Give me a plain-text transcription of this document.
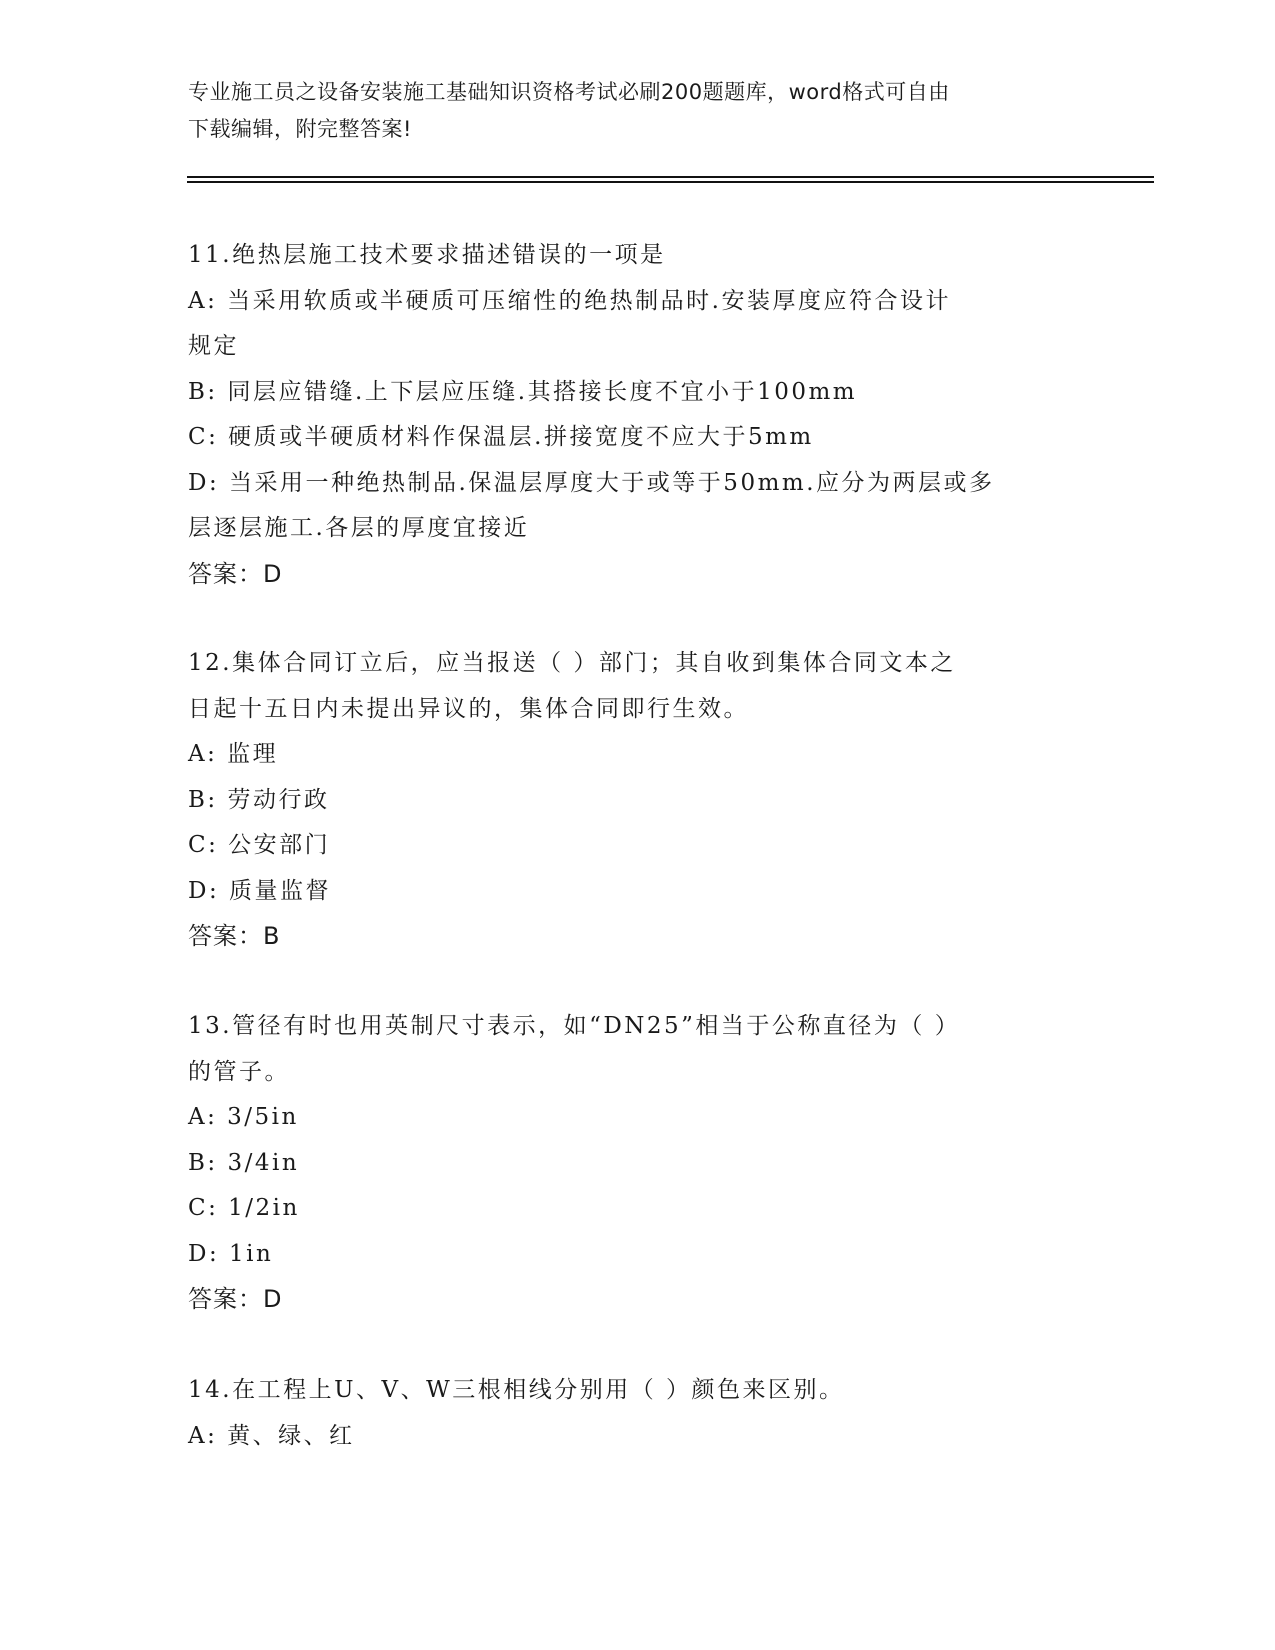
专业施工员之设备安装施工基础知识资格考试必刷200题题库，word格式可自由

下载编辑，附完整答案!

11.绝热层施工技术要求描述错误的一项是

A: 当采用软质或半硬质可压缩性的绝热制品时.安装厚度应符合设计

规定

B: 同层应错缝.上下层应压缝.其搭接长度不宜小于100mm

C: 硬质或半硬质材料作保温层.拼接宽度不应大于5mm

D: 当采用一种绝热制品.保温层厚度大于或等于50mm.应分为两层或多

层逐层施工.各层的厚度宜接近

答案：D

12.集体合同订立后，应当报送（ ）部门；其自收到集体合同文本之

日起十五日内未提出异议的，集体合同即行生效。

A: 监理

B: 劳动行政

C: 公安部门

D: 质量监督

答案：B

13.管径有时也用英制尺寸表示，如“DN25”相当于公称直径为（ ）

的管子。

A: 3/5in

B: 3/4in

C: 1/2in

D: 1in

答案：D

14.在工程上U、V、W三根相线分别用（ ）颜色来区别。

A: 黄、绿、红
